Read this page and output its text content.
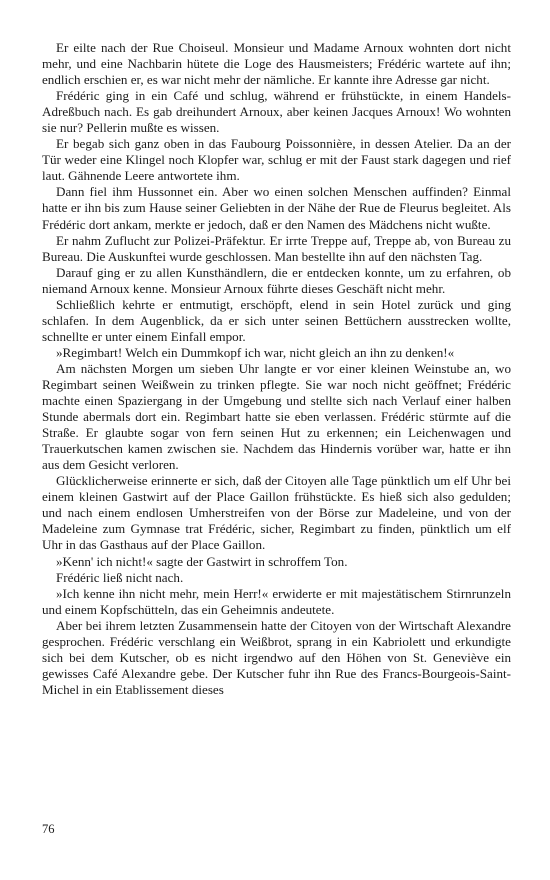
Er eilte nach der Rue Choiseul. Monsieur und Madame Arnoux wohnten dort nicht mehr, und eine Nachbarin hütete die Loge des Hausmeisters; Frédéric wartete auf ihn; endlich erschien er, es war nicht mehr der nämliche. Er kannte ihre Adresse gar nicht.

Frédéric ging in ein Café und schlug, während er frühstückte, in einem Handels-Adreßbuch nach. Es gab dreihundert Arnoux, aber keinen Jacques Arnoux! Wo wohnten sie nur? Pellerin mußte es wissen.

Er begab sich ganz oben in das Faubourg Poissonnière, in dessen Atelier. Da an der Tür weder eine Klingel noch Klopfer war, schlug er mit der Faust stark dagegen und rief laut. Gähnende Leere antwortete ihm.

Dann fiel ihm Hussonnet ein. Aber wo einen solchen Menschen auffinden? Einmal hatte er ihn bis zum Hause seiner Geliebten in der Nähe der Rue de Fleurus begleitet. Als Frédéric dort ankam, merkte er jedoch, daß er den Namen des Mädchens nicht wußte.

Er nahm Zuflucht zur Polizei-Präfektur. Er irrte Treppe auf, Treppe ab, von Bureau zu Bureau. Die Auskunftei wurde geschlossen. Man bestellte ihn auf den nächsten Tag.

Darauf ging er zu allen Kunsthändlern, die er entdecken konnte, um zu erfahren, ob niemand Arnoux kenne. Monsieur Arnoux führte dieses Geschäft nicht mehr.

Schließlich kehrte er entmutigt, erschöpft, elend in sein Hotel zurück und ging schlafen. In dem Augenblick, da er sich unter seinen Bettüchern ausstrecken wollte, schnellte er unter einem Einfall empor.

»Regimbart! Welch ein Dummkopf ich war, nicht gleich an ihn zu denken!«

Am nächsten Morgen um sieben Uhr langte er vor einer kleinen Weinstube an, wo Regimbart seinen Weißwein zu trinken pflegte. Sie war noch nicht geöffnet; Frédéric machte einen Spaziergang in der Umgebung und stellte sich nach Verlauf einer halben Stunde abermals dort ein. Regimbart hatte sie eben verlassen. Frédéric stürmte auf die Straße. Er glaubte sogar von fern seinen Hut zu erkennen; ein Leichenwagen und Trauerkutschen kamen zwischen sie. Nachdem das Hindernis vorüber war, hatte er ihn aus dem Gesicht verloren.

Glücklicherweise erinnerte er sich, daß der Citoyen alle Tage pünktlich um elf Uhr bei einem kleinen Gastwirt auf der Place Gaillon frühstückte. Es hieß sich also gedulden; und nach einem endlosen Umherstreifen von der Börse zur Madeleine, und von der Madeleine zum Gymnase trat Frédéric, sicher, Regimbart zu finden, pünktlich um elf Uhr in das Gasthaus auf der Place Gaillon.

»Kenn' ich nicht!« sagte der Gastwirt in schroffem Ton.

Frédéric ließ nicht nach.

»Ich kenne ihn nicht mehr, mein Herr!« erwiderte er mit majestätischem Stirnrunzeln und einem Kopfschütteln, das ein Geheimnis andeutete.

Aber bei ihrem letzten Zusammensein hatte der Citoyen von der Wirtschaft Alexandre gesprochen. Frédéric verschlang ein Weißbrot, sprang in ein Kabriolett und erkundigte sich bei dem Kutscher, ob es nicht irgendwo auf den Höhen von St. Geneviève ein gewisses Café Alexandre gebe. Der Kutscher fuhr ihn Rue des Francs-Bourgeois-Saint-Michel in ein Etablissement dieses

76
